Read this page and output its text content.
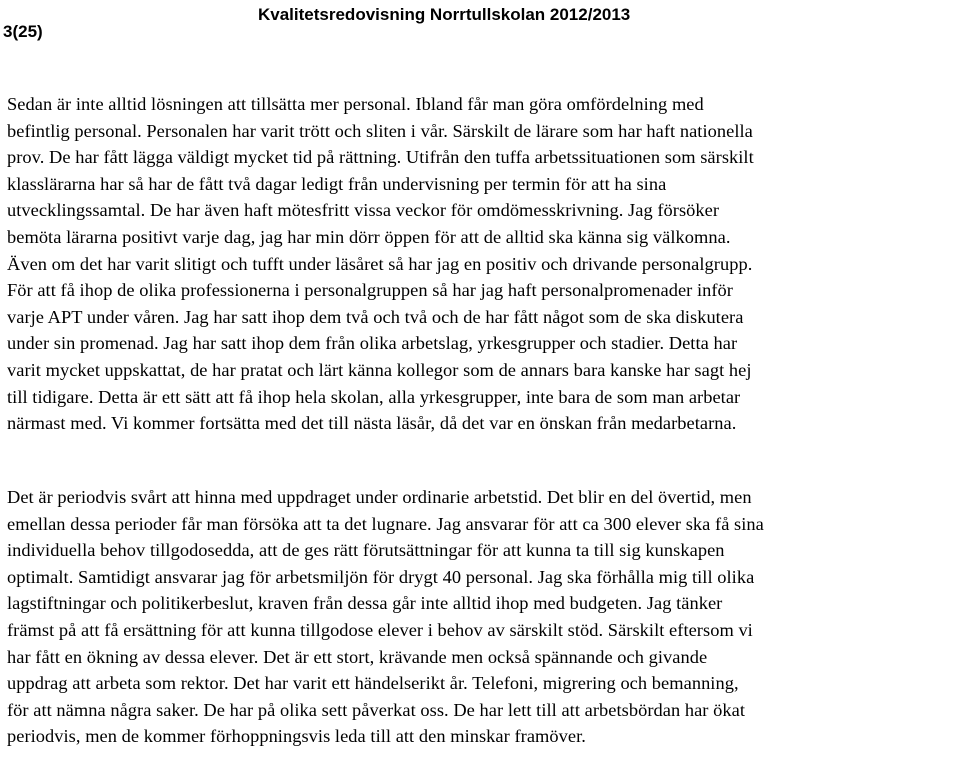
3(25)
Kvalitetsredovisning Norrtullskolan 2012/2013
Sedan är inte alltid lösningen att tillsätta mer personal. Ibland får man göra omfördelning med
befintlig personal. Personalen har varit trött och sliten i vår. Särskilt de lärare som har haft nationella
prov. De har fått lägga väldigt mycket tid på rättning. Utifrån den tuffa arbetssituationen som särskilt
klasslärarna har så har de fått två dagar ledigt från undervisning per termin för att ha sina
utvecklingssamtal. De har även haft mötesfritt vissa veckor för omdömesskrivning. Jag försöker
bemöta lärarna positivt varje dag, jag har min dörr öppen för att de alltid ska känna sig välkomna.
Även om det har varit slitigt och tufft under läsåret så har jag en positiv och drivande personalgrupp.
För att få ihop de olika professionerna i personalgruppen så har jag haft personalpromenader inför
varje APT under våren. Jag har satt ihop dem två och två och de har fått något som de ska diskutera
under sin promenad. Jag har satt ihop dem från olika arbetslag, yrkesgrupper och stadier. Detta har
varit mycket uppskattat, de har pratat och lärt känna kollegor som de annars bara kanske har sagt hej
till tidigare. Detta är ett sätt att få ihop hela skolan, alla yrkesgrupper, inte bara de som man arbetar
närmast med. Vi kommer fortsätta med det till nästa läsår, då det var en önskan från medarbetarna.
Det är periodvis svårt att hinna med uppdraget under ordinarie arbetstid. Det blir en del övertid, men
emellan dessa perioder får man försöka att ta det lugnare. Jag ansvarar för att ca 300 elever ska få sina
individuella behov tillgodosedda, att de ges rätt förutsättningar för att kunna ta till sig kunskapen
optimalt. Samtidigt ansvarar jag för arbetsmiljön för drygt 40 personal. Jag ska förhålla mig till olika
lagstiftningar och politikerbeslut, kraven från dessa går inte alltid ihop med budgeten. Jag tänker
främst på att få ersättning för att kunna tillgodose elever i behov av särskilt stöd. Särskilt eftersom vi
har fått en ökning av dessa elever. Det är ett stort, krävande men också spännande och givande
uppdrag att arbeta som rektor. Det har varit ett händelserikt år. Telefoni, migrering och bemanning,
för att nämna några saker. De har på olika sett påverkat oss. De har lett till att arbetsbördan har ökat
periodvis, men de kommer förhoppningsvis leda till att den minskar framöver.
